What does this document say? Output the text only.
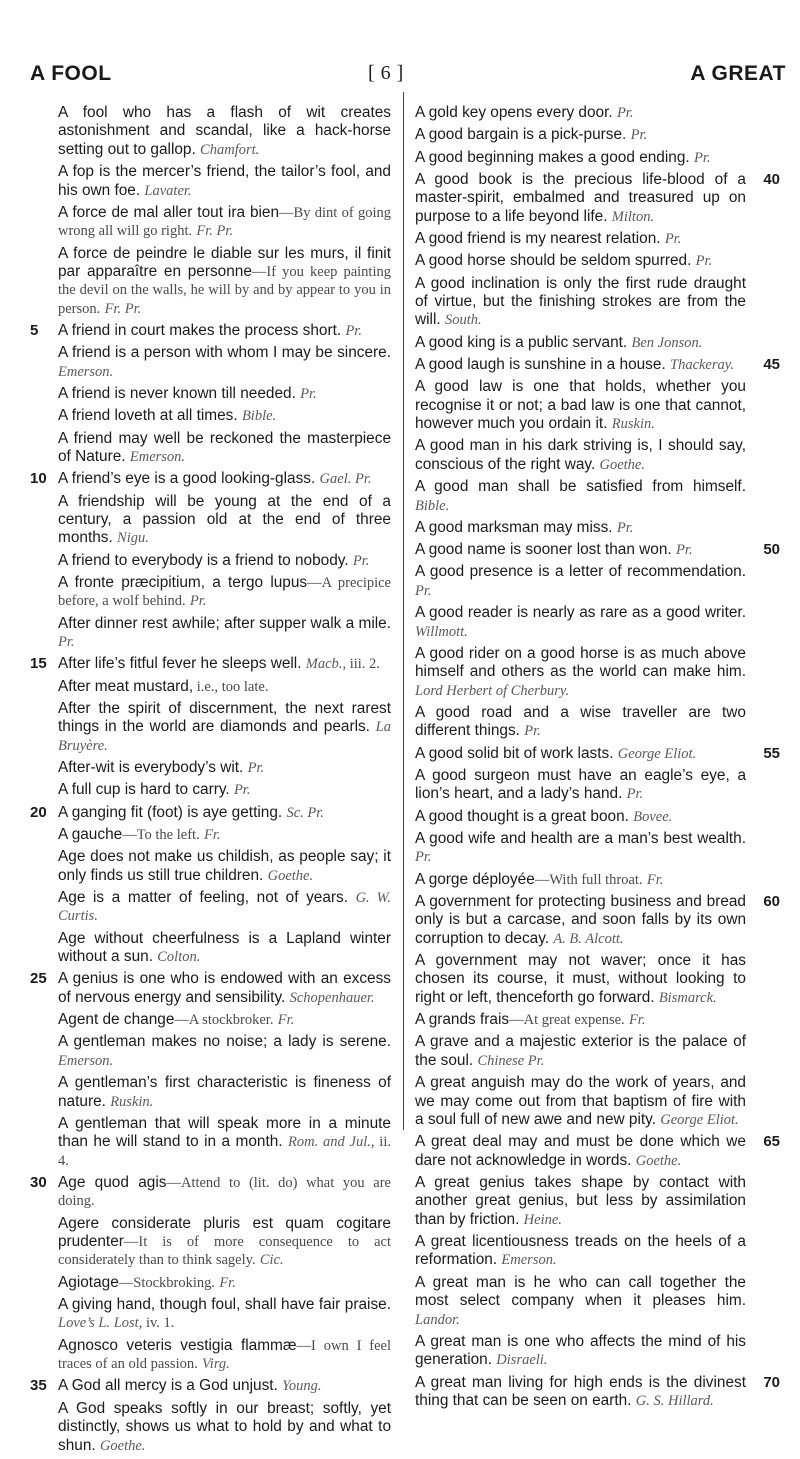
A FOOL	[ 6 ]	A GREAT

A fool who has a flash of wit creates astonishment and scandal, like a hack-horse setting out to gallop. Chamfort.

A fop is the mercer’s friend, the tailor’s fool, and his own foe. Lavater.

A force de mal aller tout ira bien—By dint of going wrong all will go right. Fr. Pr.

A force de peindre le diable sur les murs, il finit par apparaître en personne—If you keep painting the devil on the walls, he will by and by appear to you in person. Fr. Pr.

5 A friend in court makes the process short. Pr.

A friend is a person with whom I may be sincere. Emerson.

A friend is never known till needed. Pr.

A friend loveth at all times. Bible.

A friend may well be reckoned the masterpiece of Nature. Emerson.

10 A friend’s eye is a good looking-glass. Gael. Pr.

A friendship will be young at the end of a century, a passion old at the end of three months. Nigu.

A friend to everybody is a friend to nobody. Pr.

A fronte præcipitium, a tergo lupus—A precipice before, a wolf behind. Pr.

After dinner rest awhile; after supper walk a mile. Pr.

15 After life’s fitful fever he sleeps well. Macb., iii. 2.

After meat mustard, i.e., too late.

After the spirit of discernment, the next rarest things in the world are diamonds and pearls. La Bruyère.

After-wit is everybody’s wit. Pr.

A full cup is hard to carry. Pr.

20 A ganging fit (foot) is aye getting. Sc. Pr.

A gauche—To the left. Fr.

Age does not make us childish, as people say; it only finds us still true children. Goethe.

Age is a matter of feeling, not of years. G. W. Curtis.

Age without cheerfulness is a Lapland winter without a sun. Colton.

25 A genius is one who is endowed with an excess of nervous energy and sensibility. Schopenhauer.

Agent de change—A stockbroker. Fr.

A gentleman makes no noise; a lady is serene. Emerson.

A gentleman’s first characteristic is fineness of nature. Ruskin.

A gentleman that will speak more in a minute than he will stand to in a month. Rom. and Jul., ii. 4.

30 Age quod agis—Attend to (lit. do) what you are doing.

Agere considerate pluris est quam cogitare prudenter—It is of more consequence to act considerately than to think sagely. Cic.

Agiotage—Stockbroking. Fr.

A giving hand, though foul, shall have fair praise. Love’s L. Lost, iv. 1.

Agnosco veteris vestigia flammæ—I own I feel traces of an old passion. Virg.

35 A God all mercy is a God unjust. Young.

A God speaks softly in our breast; softly, yet distinctly, shows us what to hold by and what to shun. Goethe.

A gold key opens every door. Pr.

A good bargain is a pick-purse. Pr.

A good beginning makes a good ending. Pr.

40
A good book is the precious life-blood of a master-spirit, embalmed and treasured up on purpose to a life beyond life. Milton.

A good friend is my nearest relation. Pr.

A good horse should be seldom spurred. Pr.

A good inclination is only the first rude draught of virtue, but the finishing strokes are from the will. South.

A good king is a public servant. Ben Jonson.

45
A good laugh is sunshine in a house. Thackeray.

A good law is one that holds, whether you recognise it or not; a bad law is one that cannot, however much you ordain it. Ruskin.

A good man in his dark striving is, I should say, conscious of the right way. Goethe.

A good man shall be satisfied from himself. Bible.

A good marksman may miss. Pr.

50
A good name is sooner lost than won. Pr.

A good presence is a letter of recommendation. Pr.

A good reader is nearly as rare as a good writer. Willmott.

A good rider on a good horse is as much above himself and others as the world can make him. Lord Herbert of Cherbury.

A good road and a wise traveller are two different things. Pr.

55
A good solid bit of work lasts. George Eliot.

A good surgeon must have an eagle’s eye, a lion’s heart, and a lady’s hand. Pr.

A good thought is a great boon. Bovee.

A good wife and health are a man’s best wealth. Pr.

A gorge déployée—With full throat. Fr.

60
A government for protecting business and bread only is but a carcase, and soon falls by its own corruption to decay. A. B. Alcott.

A government may not waver; once it has chosen its course, it must, without looking to right or left, thenceforth go forward. Bismarck.

A grands frais—At great expense. Fr.

A grave and a majestic exterior is the palace of the soul. Chinese Pr.

A great anguish may do the work of years, and we may come out from that baptism of fire with a soul full of new awe and new pity. George Eliot.

65
A great deal may and must be done which we dare not acknowledge in words. Goethe.

A great genius takes shape by contact with another great genius, but less by assimilation than by friction. Heine.

A great licentiousness treads on the heels of a reformation. Emerson.

A great man is he who can call together the most select company when it pleases him. Landor.

A great man is one who affects the mind of his generation. Disraeli.

70
A great man living for high ends is the divinest thing that can be seen on earth. G. S. Hillard.
